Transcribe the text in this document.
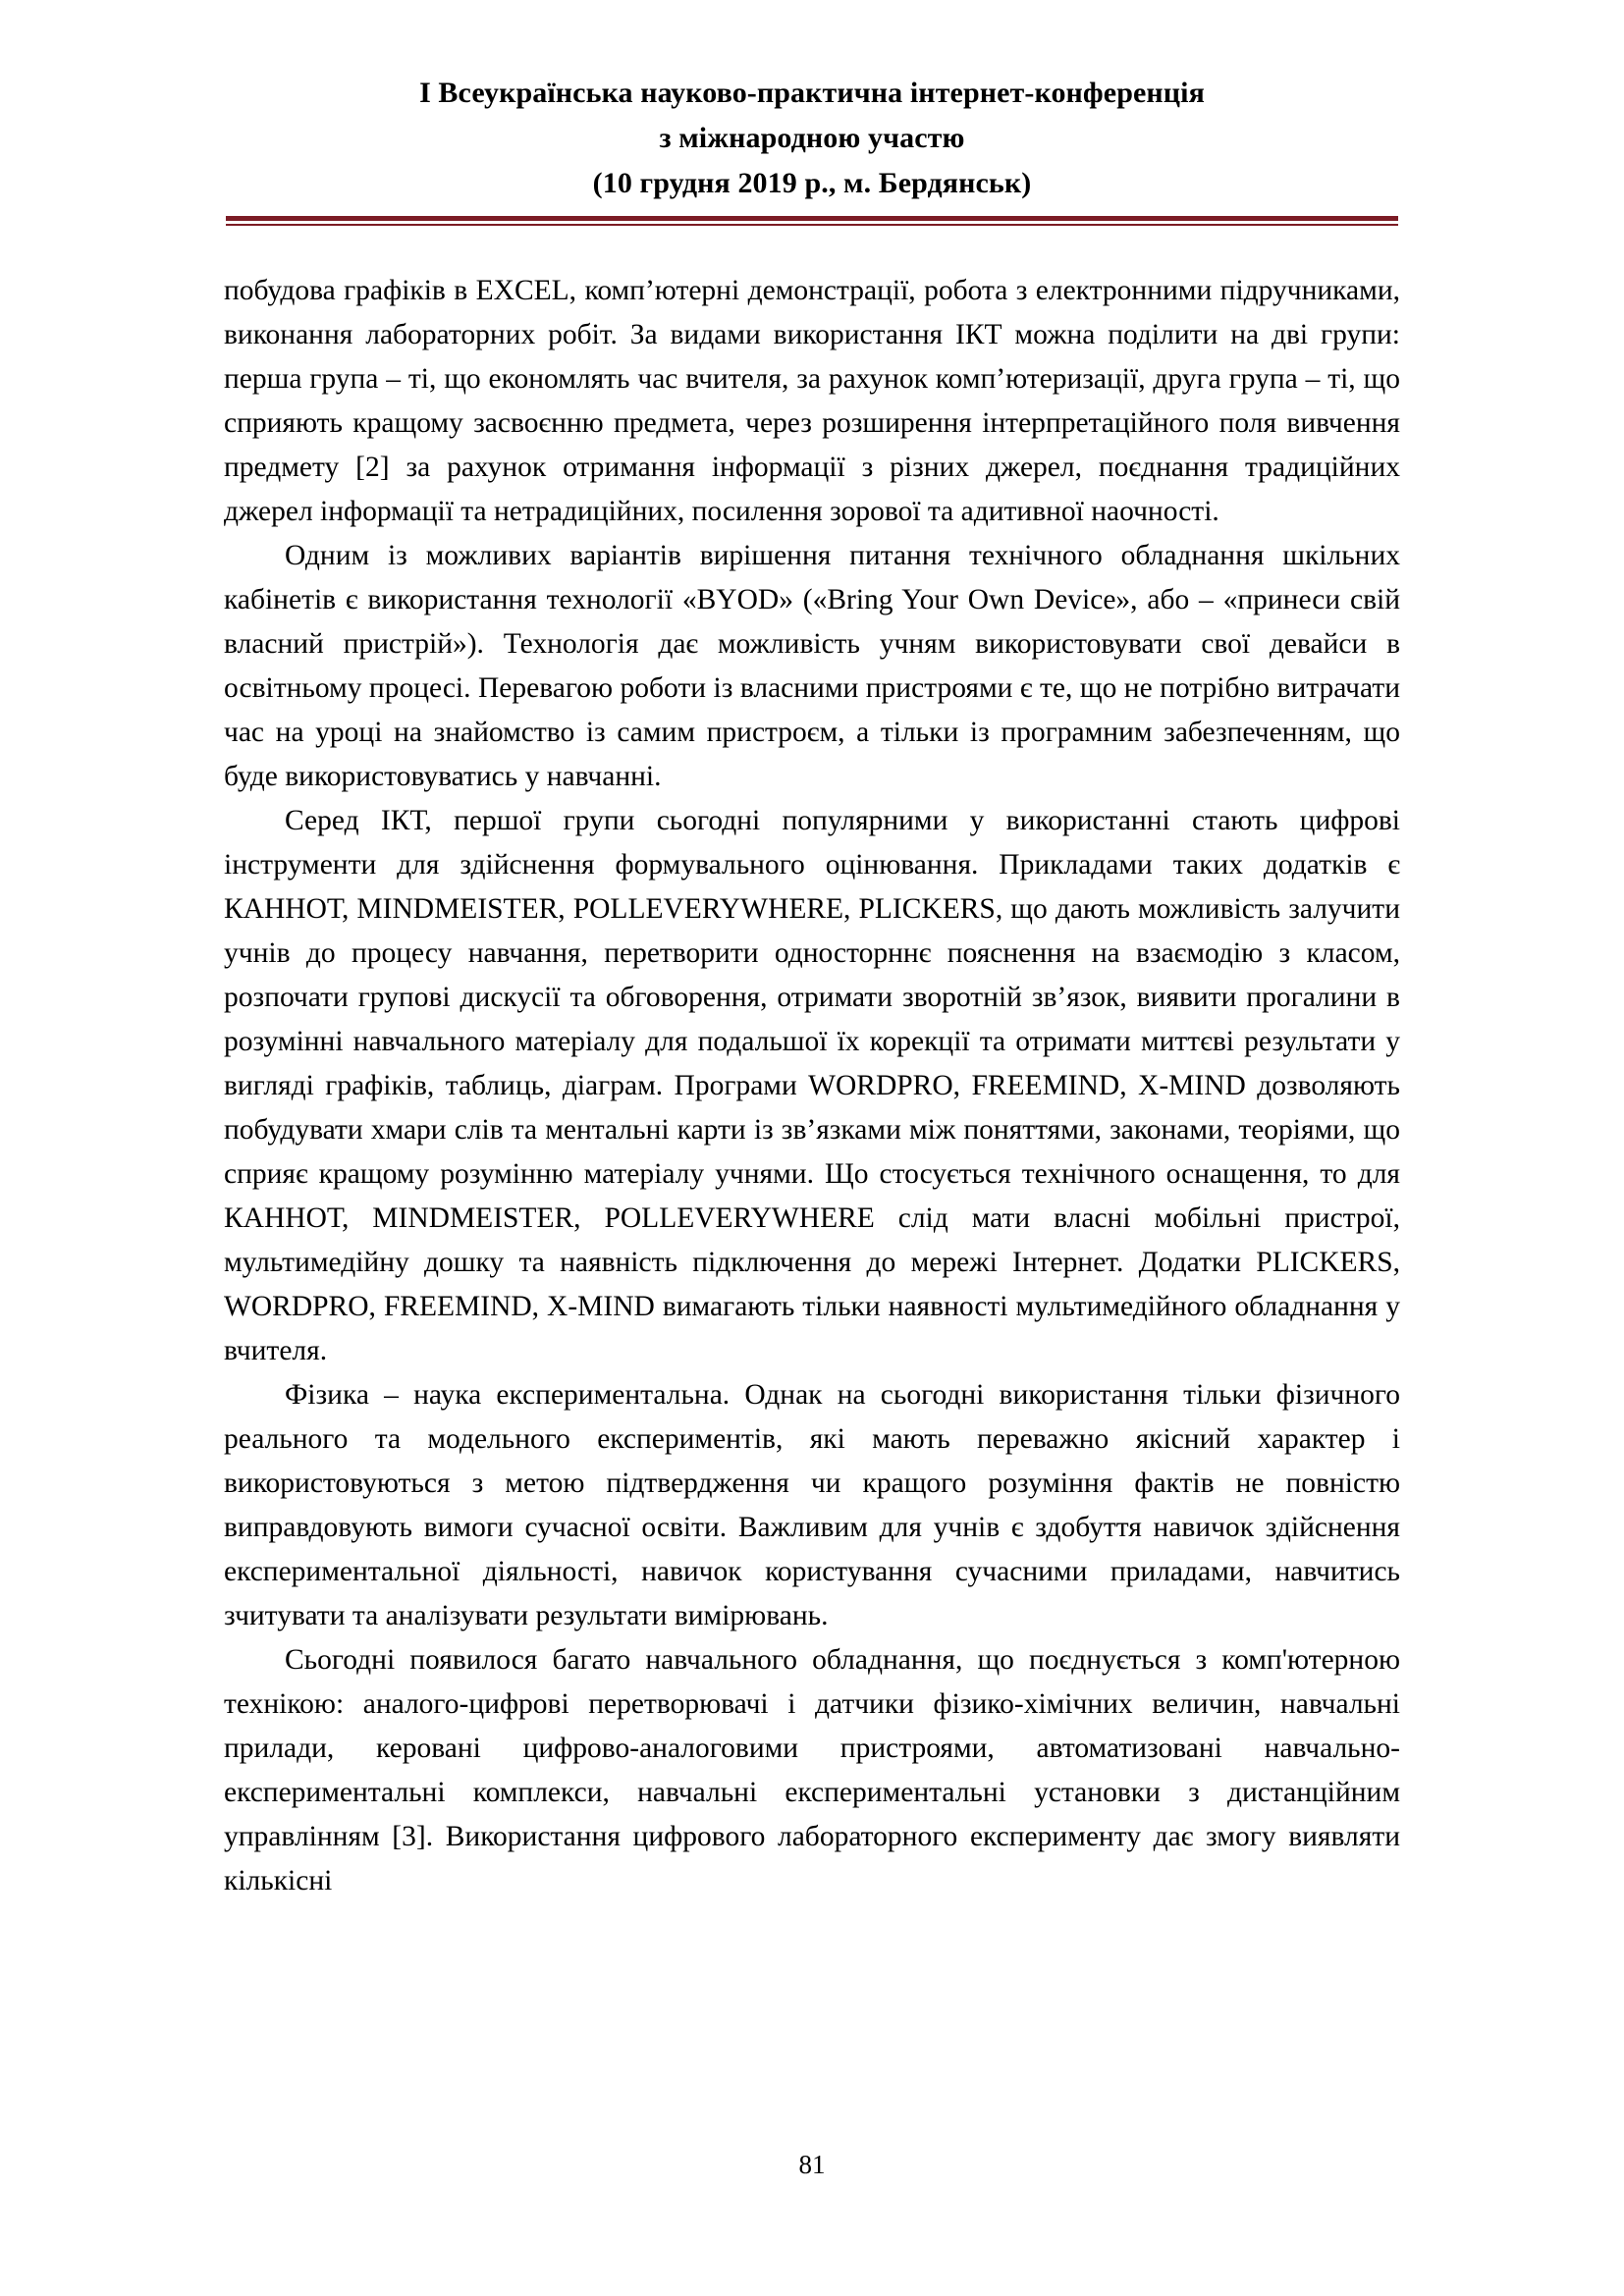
І Всеукраїнська науково-практична інтернет-конференція
з міжнародною участю
(10 грудня 2019 р., м. Бердянськ)

побудова графіків в EXCEL, комп’ютерні демонстрації, робота з електронними підручниками, виконання лабораторних робіт. За видами використання ІКТ можна поділити на дві групи: перша група – ті, що економлять час вчителя, за рахунок комп’ютеризації, друга група – ті, що сприяють кращому засвоєнню предмета, через розширення інтерпретаційного поля вивчення предмету [2] за рахунок отримання інформації з різних джерел, поєднання традиційних джерел інформації та нетрадиційних, посилення зорової та адитивної наочності.

Одним із можливих варіантів вирішення питання технічного обладнання шкільних кабінетів є використання технології «BYOD» («Bring Your Own Device», або – «принеси свій власний пристрій»). Технологія дає можливість учням використовувати свої девайси в освітньому процесі. Перевагою роботи із власними пристроями є те, що не потрібно витрачати час на уроці на знайомство із самим пристроєм, а тільки із програмним забезпеченням, що буде використовуватись у навчанні.

Серед ІКТ, першої групи сьогодні популярними у використанні стають цифрові інструменти для здійснення формувального оцінювання. Прикладами таких додатків є КАННОТ, MINDMEISTER, POLLEVERYWHERE, PLICKERS, що дають можливість залучити учнів до процесу навчання, перетворити односторннє пояснення на взаємодію з класом, розпочати групові дискусії та обговорення, отримати зворотній зв’язок, виявити прогалини в розумінні навчального матеріалу для подальшої їх корекції та отримати миттєві результати у вигляді графіків, таблиць, діаграм. Програми WORDPRO, FREEMIND, X-MIND дозволяють побудувати хмари слів та ментальні карти із зв’язками між поняттями, законами, теоріями, що сприяє кращому розумінню матеріалу учнями. Що стосується технічного оснащення, то для КАННОТ, MINDMEISTER, POLLEVERYWHERE слід мати власні мобільні пристрої, мультимедійну дошку та наявність підключення до мережі Інтернет. Додатки PLICKERS, WORDPRO, FREEMIND, X-MIND вимагають тільки наявності мультимедійного обладнання у вчителя.

Фізика – наука експериментальна. Однак на сьогодні використання тільки фізичного реального та модельного експериментів, які мають переважно якісний характер і використовуються з метою підтвердження чи кращого розуміння фактів не повністю виправдовують вимоги сучасної освіти. Важливим для учнів є здобуття навичок здійснення експериментальної діяльності, навичок користування сучасними приладами, навчитись зчитувати та аналізувати результати вимірювань.

Сьогодні появилося багато навчального обладнання, що поєднується з комп'ютерною технікою: аналого-цифрові перетворювачі і датчики фізико-хімічних величин, навчальні прилади, керовані цифрово-аналоговими пристроями, автоматизовані навчально-експериментальні комплекси, навчальні експериментальні установки з дистанційним управлінням [3]. Використання цифрового лабораторного експерименту дає змогу виявляти кількісні

81
